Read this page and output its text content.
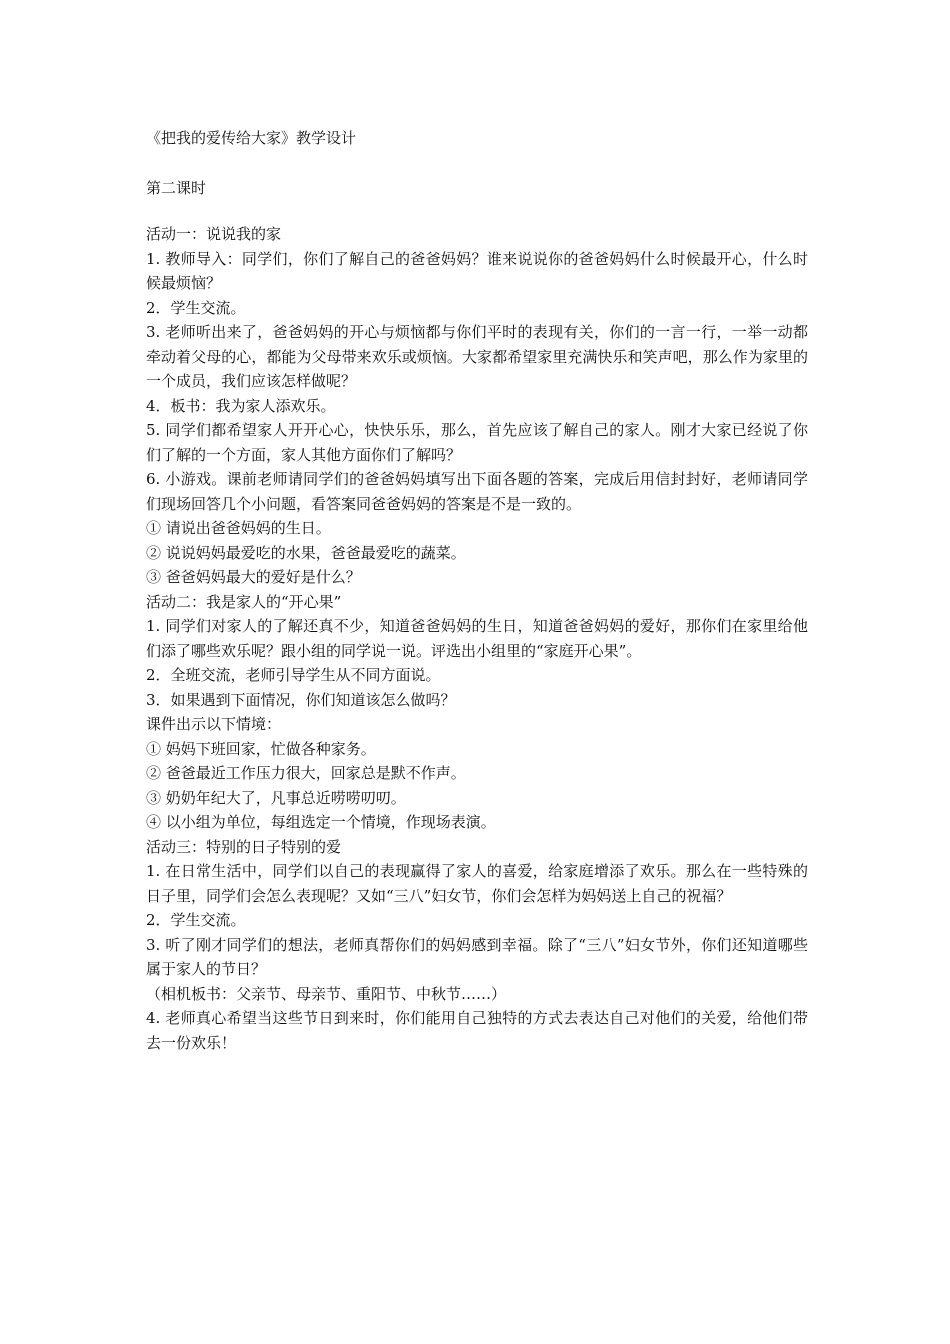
《把我的爱传给大家》教学设计

第二课时

活动一：说说我的家

1. 教师导入：同学们，你们了解自己的爸爸妈妈？谁来说说你的爸爸妈妈什么时候最开心，什么时候最烦恼？

2．学生交流。

3. 老师听出来了，爸爸妈妈的开心与烦恼都与你们平时的表现有关，你们的一言一行，一举一动都牵动着父母的心，都能为父母带来欢乐或烦恼。大家都希望家里充满快乐和笑声吧，那么作为家里的一个成员，我们应该怎样做呢？

4．板书：我为家人添欢乐。

5. 同学们都希望家人开开心心，快快乐乐，那么，首先应该了解自己的家人。刚才大家已经说了你们了解的一个方面，家人其他方面你们了解吗？

6. 小游戏。课前老师请同学们的爸爸妈妈填写出下面各题的答案，完成后用信封封好，老师请同学们现场回答几个小问题，看答案同爸爸妈妈的答案是不是一致的。

① 请说出爸爸妈妈的生日。

② 说说妈妈最爱吃的水果，爸爸最爱吃的蔬菜。

③ 爸爸妈妈最大的爱好是什么？

活动二：我是家人的“开心果”

1. 同学们对家人的了解还真不少，知道爸爸妈妈的生日，知道爸爸妈妈的爱好，那你们在家里给他们添了哪些欢乐呢？跟小组的同学说一说。评选出小组里的“家庭开心果”。

2．全班交流，老师引导学生从不同方面说。

3．如果遇到下面情况，你们知道该怎么做吗？

课件出示以下情境：

① 妈妈下班回家，忙做各种家务。

② 爸爸最近工作压力很大，回家总是默不作声。

③ 奶奶年纪大了，凡事总近唠唠叨叨。

④ 以小组为单位，每组选定一个情境，作现场表演。

活动三：特别的日子特别的爱

1. 在日常生活中，同学们以自己的表现赢得了家人的喜爱，给家庭增添了欢乐。那么在一些特殊的日子里，同学们会怎么表现呢？又如“三八”妇女节，你们会怎样为妈妈送上自己的祝福？

2．学生交流。

3. 听了刚才同学们的想法，老师真帮你们的妈妈感到幸福。除了“三八”妇女节外，你们还知道哪些属于家人的节日？

（相机板书：父亲节、母亲节、重阳节、中秋节……）

4. 老师真心希望当这些节日到来时，你们能用自己独特的方式去表达自己对他们的关爱，给他们带去一份欢乐！
